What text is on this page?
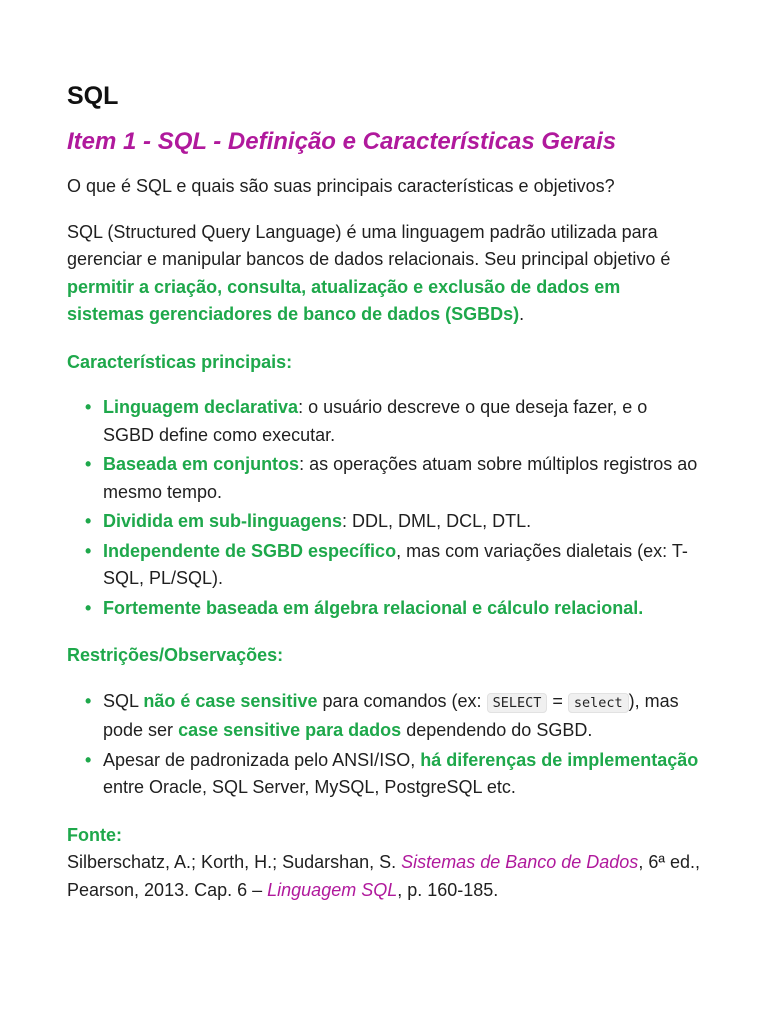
SQL
Item 1 - SQL - Definição e Características Gerais

O que é SQL e quais são suas principais características e objetivos?

SQL (Structured Query Language) é uma linguagem padrão utilizada para gerenciar e manipular bancos de dados relacionais. Seu principal objetivo é permitir a criação, consulta, atualização e exclusão de dados em sistemas gerenciadores de banco de dados (SGBDs).

Características principais:
• Linguagem declarativa: o usuário descreve o que deseja fazer, e o SGBD define como executar.
• Baseada em conjuntos: as operações atuam sobre múltiplos registros ao mesmo tempo.
• Dividida em sub-linguagens: DDL, DML, DCL, DTL.
• Independente de SGBD específico, mas com variações dialetais (ex: T-SQL, PL/SQL).
• Fortemente baseada em álgebra relacional e cálculo relacional.
Restrições/Observações:
• SQL não é case sensitive para comandos (ex: SELECT = select ), mas pode ser case sensitive para dados dependendo do SGBD.
• Apesar de padronizada pelo ANSI/ISO, há diferenças de implementação entre Oracle, SQL Server, MySQL, PostgreSQL etc.
Fonte:

Silberschatz, A.; Korth, H.; Sudarshan, S. Sistemas de Banco de Dados, 6ª ed., Pearson, 2013. Cap. 6 – Linguagem SQL, p. 160-185.
